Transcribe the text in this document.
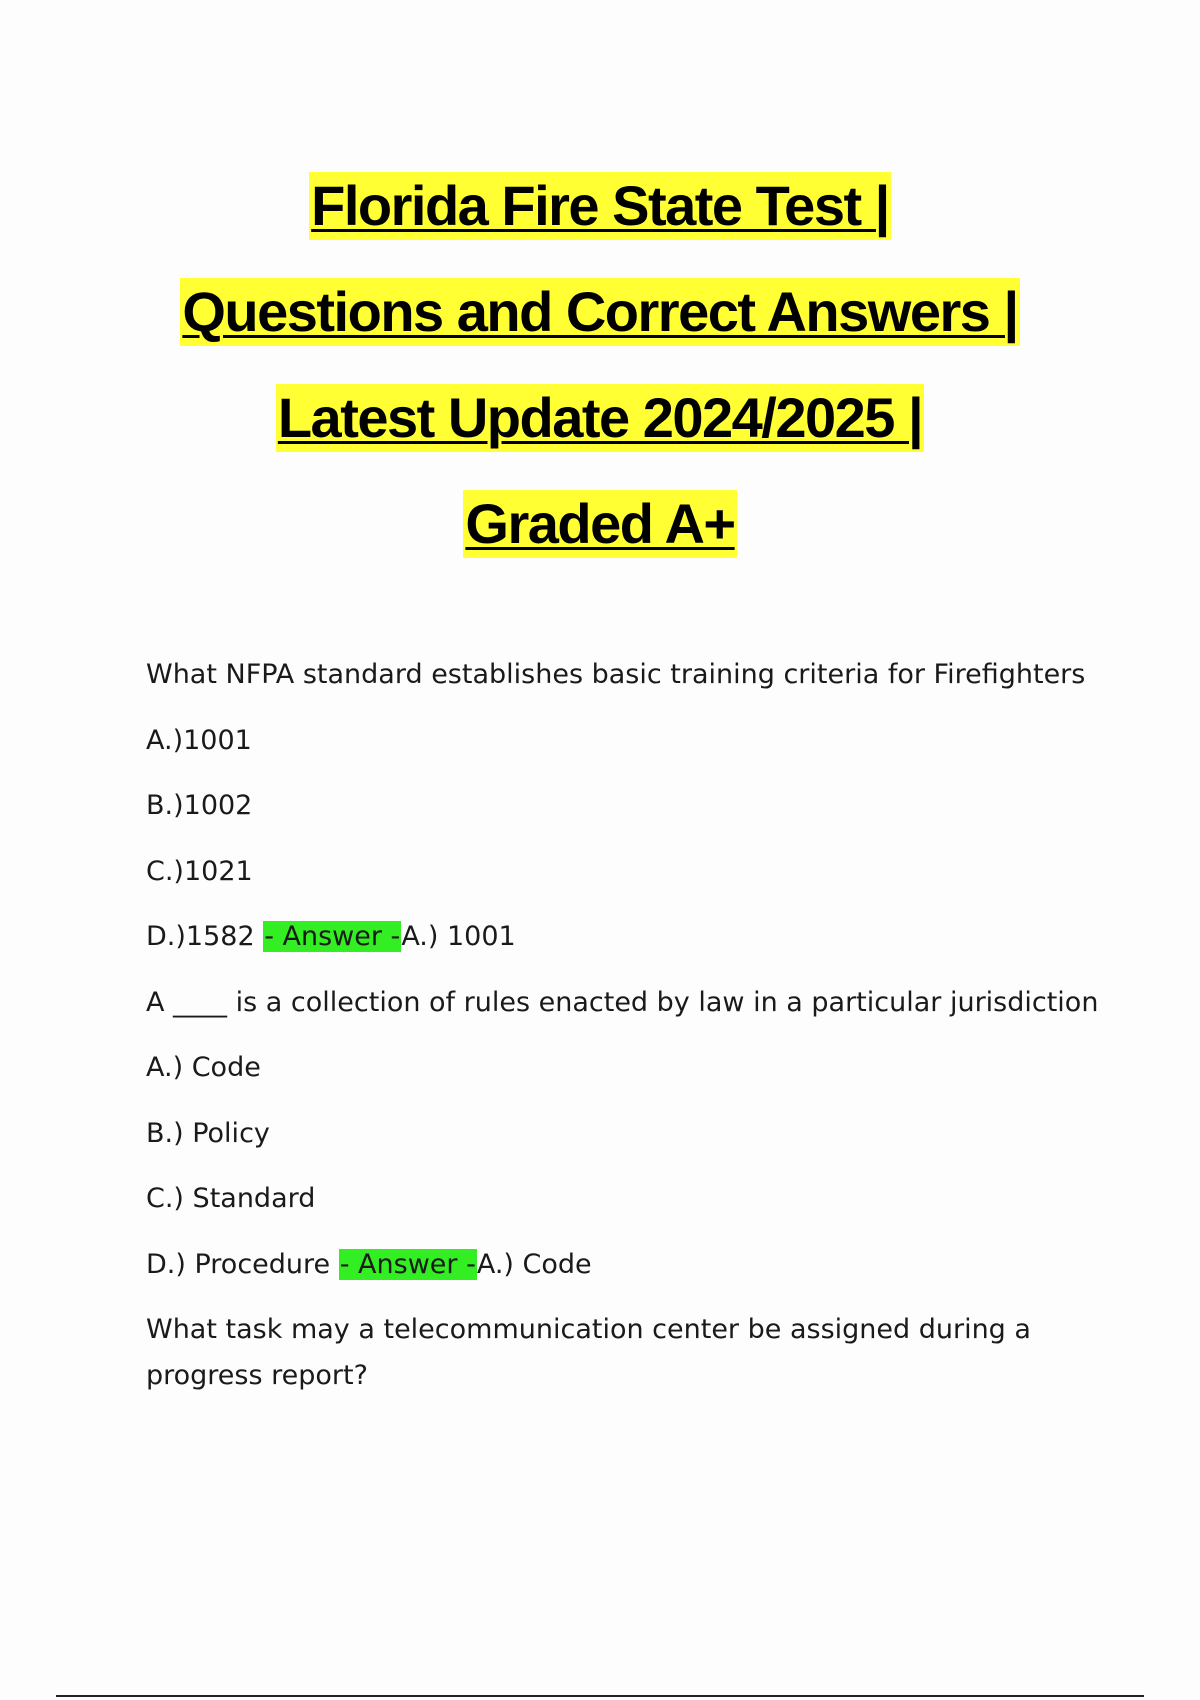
Florida Fire State Test |
Questions and Correct Answers |
Latest Update 2024/2025 |
Graded A+

What NFPA standard establishes basic training criteria for Firefighters

A.)1001

B.)1002

C.)1021

D.)1582 - Answer -A.) 1001

A ____ is a collection of rules enacted by law in a particular jurisdiction

A.) Code

B.) Policy

C.) Standard

D.) Procedure - Answer -A.) Code

What task may a telecommunication center be assigned during a progress report?
